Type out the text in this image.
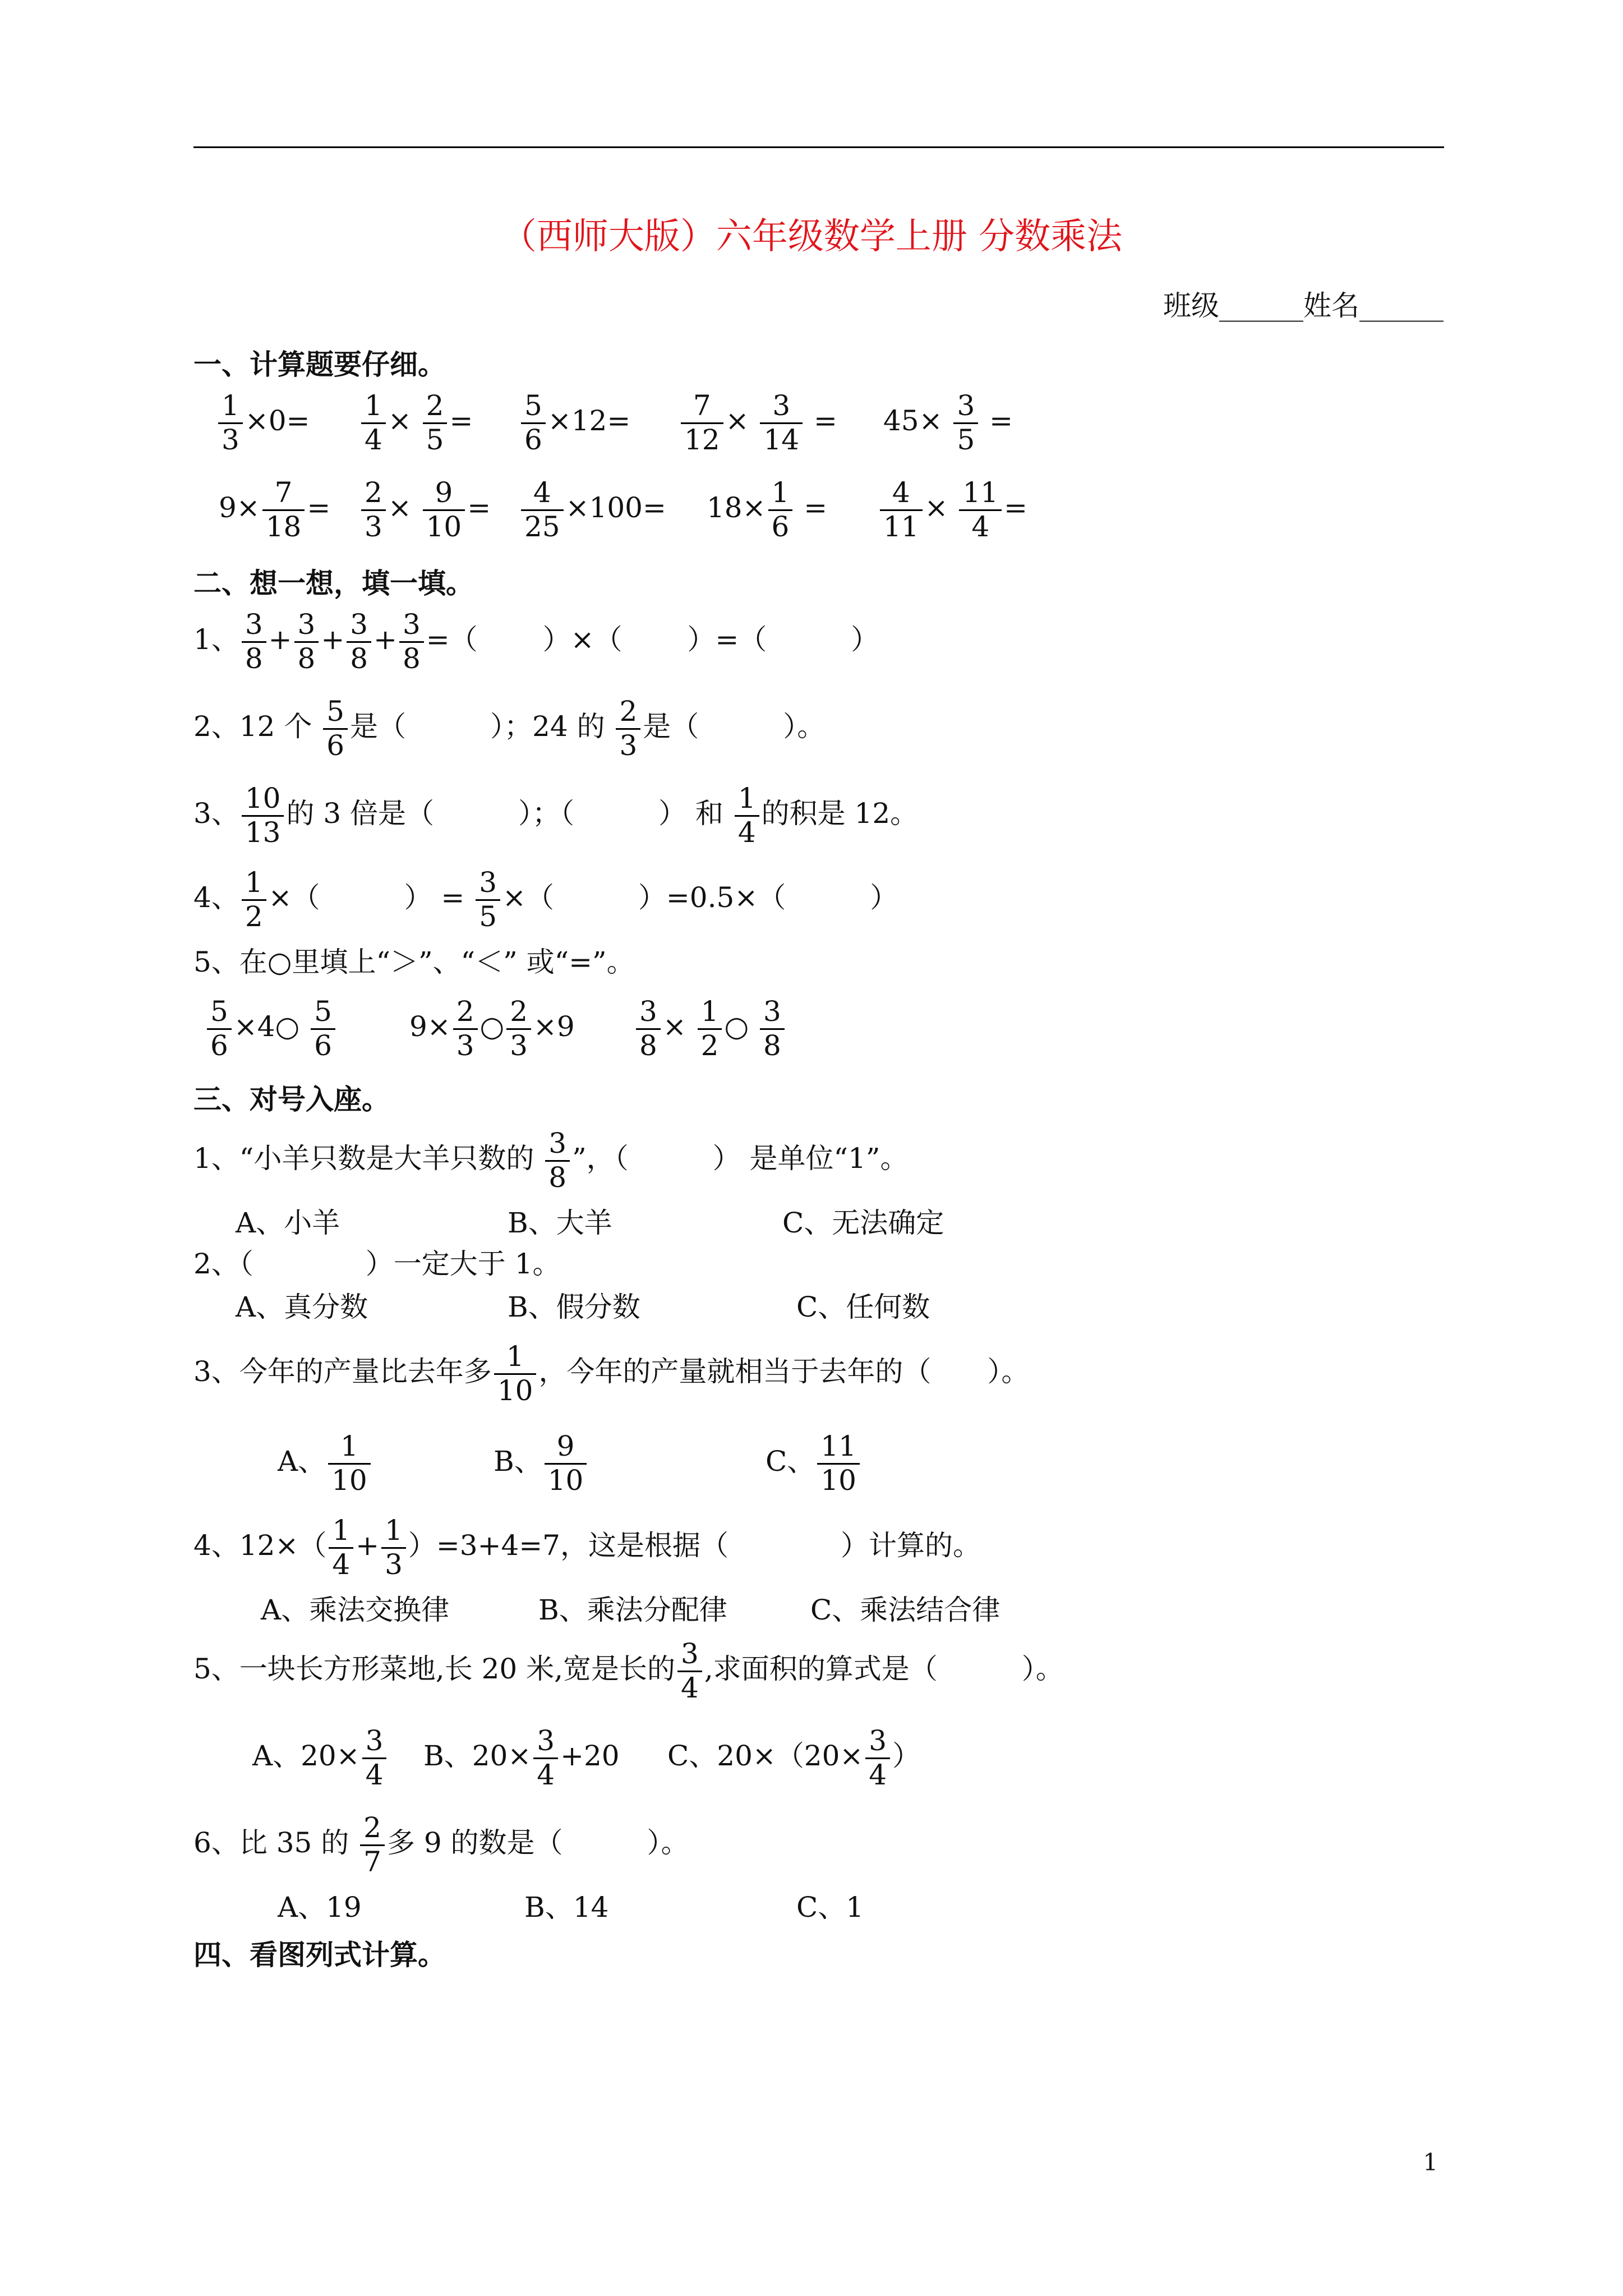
（西师大版）六年级数学上册 分数乘法
班级______姓名______
一、计算题要仔细。
$\frac{1}{3} \times 0= \frac{1}{4} \times \frac{2}{5} = \frac{5}{6} \times 12= \frac{7}{12} \times \frac{3}{14} = 45\times \frac{3}{5}$ =
$9\times \frac{7}{18} = \frac{2}{3} \times \frac{9}{10} = \frac{4}{25} \times 100= 18\times \frac{1}{6} = \frac{4}{11} \times \frac{11}{4}$ =
二、想一想，填一填。
1、 $\frac{3}{8} + \frac{3}{8} + \frac{3}{8} + \frac{3}{8}$ =（　　 ）×（　　 ）=（　　　）
2、12 个 $\frac{5}{6}$ 是（　　　）；24 的 $\frac{2}{3}$ 是（　　　）。
3、 $\frac{10}{13}$ 的 3 倍是（　　　）；（　　　） 和 $\frac{1}{4}$ 的积是 12。
4、 $\frac{1}{2}$ ×（　　　） = $\frac{3}{5}$ ×（　　　）=0.5×（　　　）
5、在○里填上“＞”、“＜” 或“=”。
$\frac{5}{6}$ ×4○ $\frac{5}{6}$	$9\times \frac{2}{3}$ ○ $\frac{2}{3} \times 9 \frac{3}{8} \times \frac{1}{2}$ ○ $\frac{3}{8}$
三、对号入座。
1、“小羊只数是大羊只数的 $\frac{3}{8}$ ”，（　　　） 是单位“1”。
A、小羊	B、大羊	C、无法确定
2、（　　　　）一定大于 1。
A、真分数	B、假分数	C、任何数
3、今年的产量比去年多 $\frac{1}{10}$ ，今年的产量就相当于去年的（　　）。
A、 $\frac{1}{10}$	B、 $\frac{9}{10}$	C、 $\frac{11}{10}$
4、$12\times( \frac{1}{4} + \frac{1}{3} )=3+4=7$，这是根据（　　　　）计算的。
A、乘法交换律	B、乘法分配律	C、乘法结合律
5、一块长方形菜地,长 20 米,宽是长的 $\frac{3}{4}$ ,求面积的算式是（　　　）。
A、$20\times \frac{3}{4}$ B、$20\times \frac{3}{4} +20$ C、$20\times(20\times \frac{3}{4}$ ）
6、比 35 的 $\frac{2}{7}$ 多 9 的数是（　　　）。
A、19	B、14	C、1
四、看图列式计算。
1
